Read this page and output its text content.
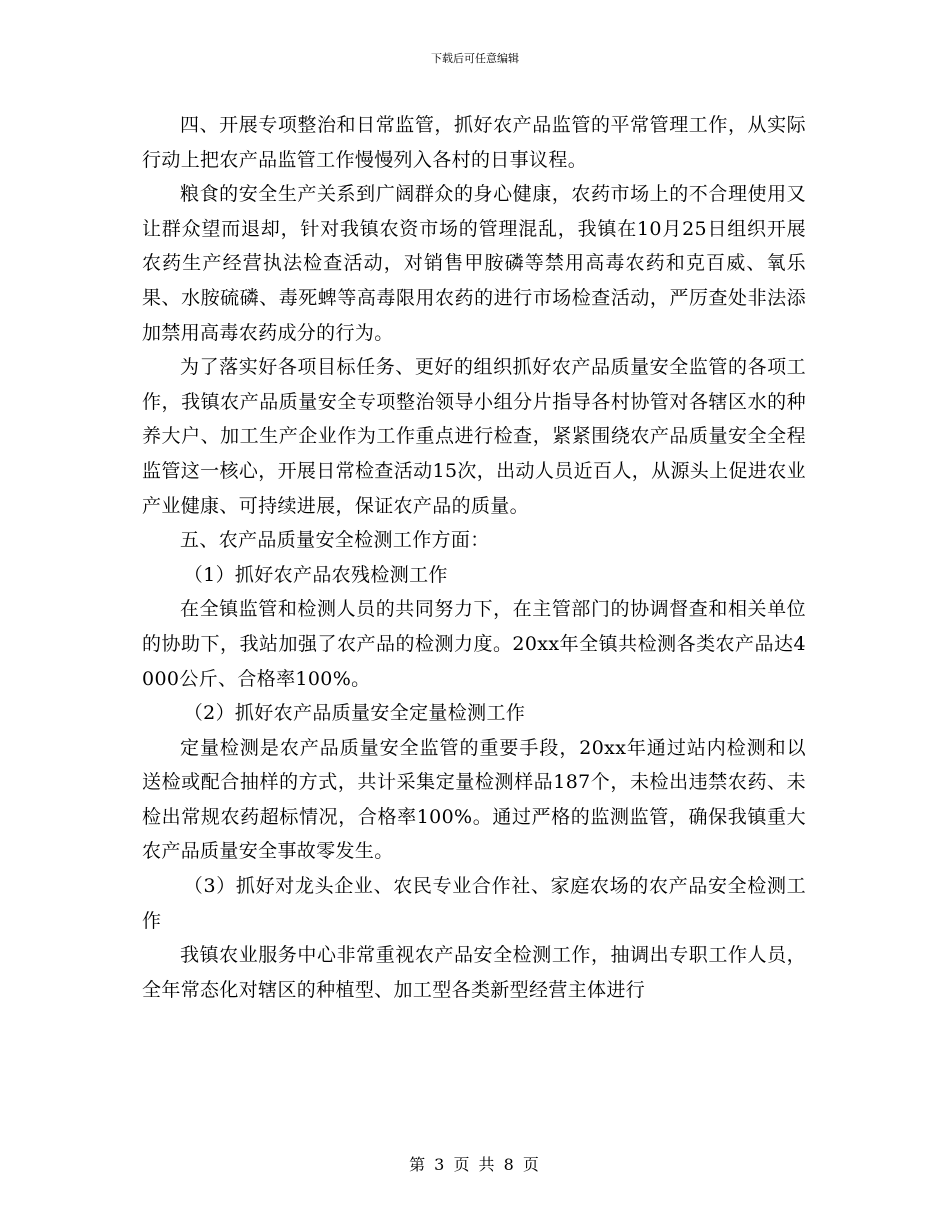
下载后可任意编辑

四、开展专项整治和日常监管，抓好农产品监管的平常管理工作，从实际行动上把农产品监管工作慢慢列入各村的日事议程。

粮食的安全生产关系到广阔群众的身心健康，农药市场上的不合理使用又让群众望而退却，针对我镇农资市场的管理混乱，我镇在10月25日组织开展农药生产经营执法检查活动，对销售甲胺磷等禁用高毒农药和克百威、氧乐果、水胺硫磷、毒死蜱等高毒限用农药的进行市场检查活动，严厉查处非法添加禁用高毒农药成分的行为。

为了落实好各项目标任务、更好的组织抓好农产品质量安全监管的各项工作，我镇农产品质量安全专项整治领导小组分片指导各村协管对各辖区水的种养大户、加工生产企业作为工作重点进行检查，紧紧围绕农产品质量安全全程监管这一核心，开展日常检查活动15次，出动人员近百人，从源头上促进农业产业健康、可持续进展，保证农产品的质量。

五、农产品质量安全检测工作方面：

（1）抓好农产品农残检测工作

在全镇监管和检测人员的共同努力下，在主管部门的协调督查和相关单位的协助下，我站加强了农产品的检测力度。20xx年全镇共检测各类农产品达4000公斤、合格率100%。

（2）抓好农产品质量安全定量检测工作

定量检测是农产品质量安全监管的重要手段，20xx年通过站内检测和以送检或配合抽样的方式，共计采集定量检测样品187个，未检出违禁农药、未检出常规农药超标情况，合格率100%。通过严格的监测监管，确保我镇重大农产品质量安全事故零发生。

（3）抓好对龙头企业、农民专业合作社、家庭农场的农产品安全检测工作

我镇农业服务中心非常重视农产品安全检测工作，抽调出专职工作人员，全年常态化对辖区的种植型、加工型各类新型经营主体进行

第 3 页 共 8 页
